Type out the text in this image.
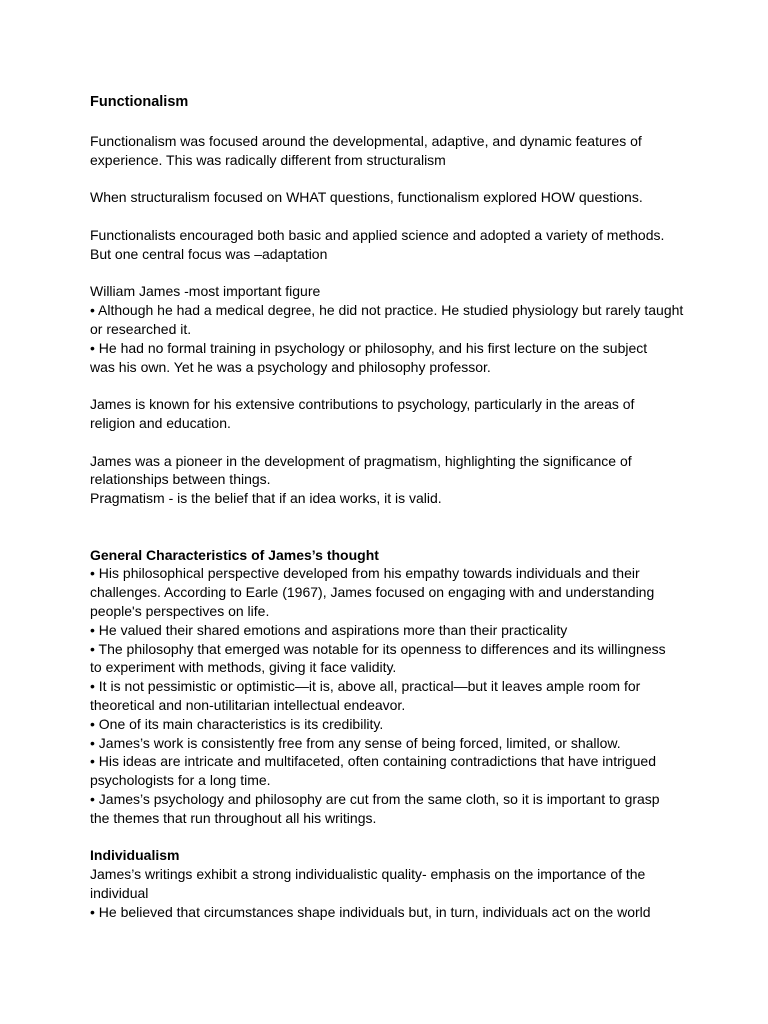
Functionalism
Functionalism was focused around the developmental, adaptive, and dynamic features of
experience. This was radically different from structuralism
When structuralism focused on WHAT questions, functionalism explored HOW questions.
Functionalists encouraged both basic and applied science and adopted a variety of methods.
But one central focus was –adaptation
William James -most important figure
• Although he had a medical degree, he did not practice. He studied physiology but rarely taught
or researched it.
• He had no formal training in psychology or philosophy, and his first lecture on the subject
was his own. Yet he was a psychology and philosophy professor.
James is known for his extensive contributions to psychology, particularly in the areas of
religion and education.
James was a pioneer in the development of pragmatism, highlighting the significance of
relationships between things.
Pragmatism - is the belief that if an idea works, it is valid.
General Characteristics of James’s thought
• His philosophical perspective developed from his empathy towards individuals and their
challenges. According to Earle (1967), James focused on engaging with and understanding
people's perspectives on life.
• He valued their shared emotions and aspirations more than their practicality
• The philosophy that emerged was notable for its openness to differences and its willingness
to experiment with methods, giving it face validity.
• It is not pessimistic or optimistic—it is, above all, practical—but it leaves ample room for
theoretical and non-utilitarian intellectual endeavor.
• One of its main characteristics is its credibility.
• James’s work is consistently free from any sense of being forced, limited, or shallow.
• His ideas are intricate and multifaceted, often containing contradictions that have intrigued
psychologists for a long time.
• James’s psychology and philosophy are cut from the same cloth, so it is important to grasp
the themes that run throughout all his writings.
Individualism
James’s writings exhibit a strong individualistic quality- emphasis on the importance of the
individual
• He believed that circumstances shape individuals but, in turn, individuals act on the world
